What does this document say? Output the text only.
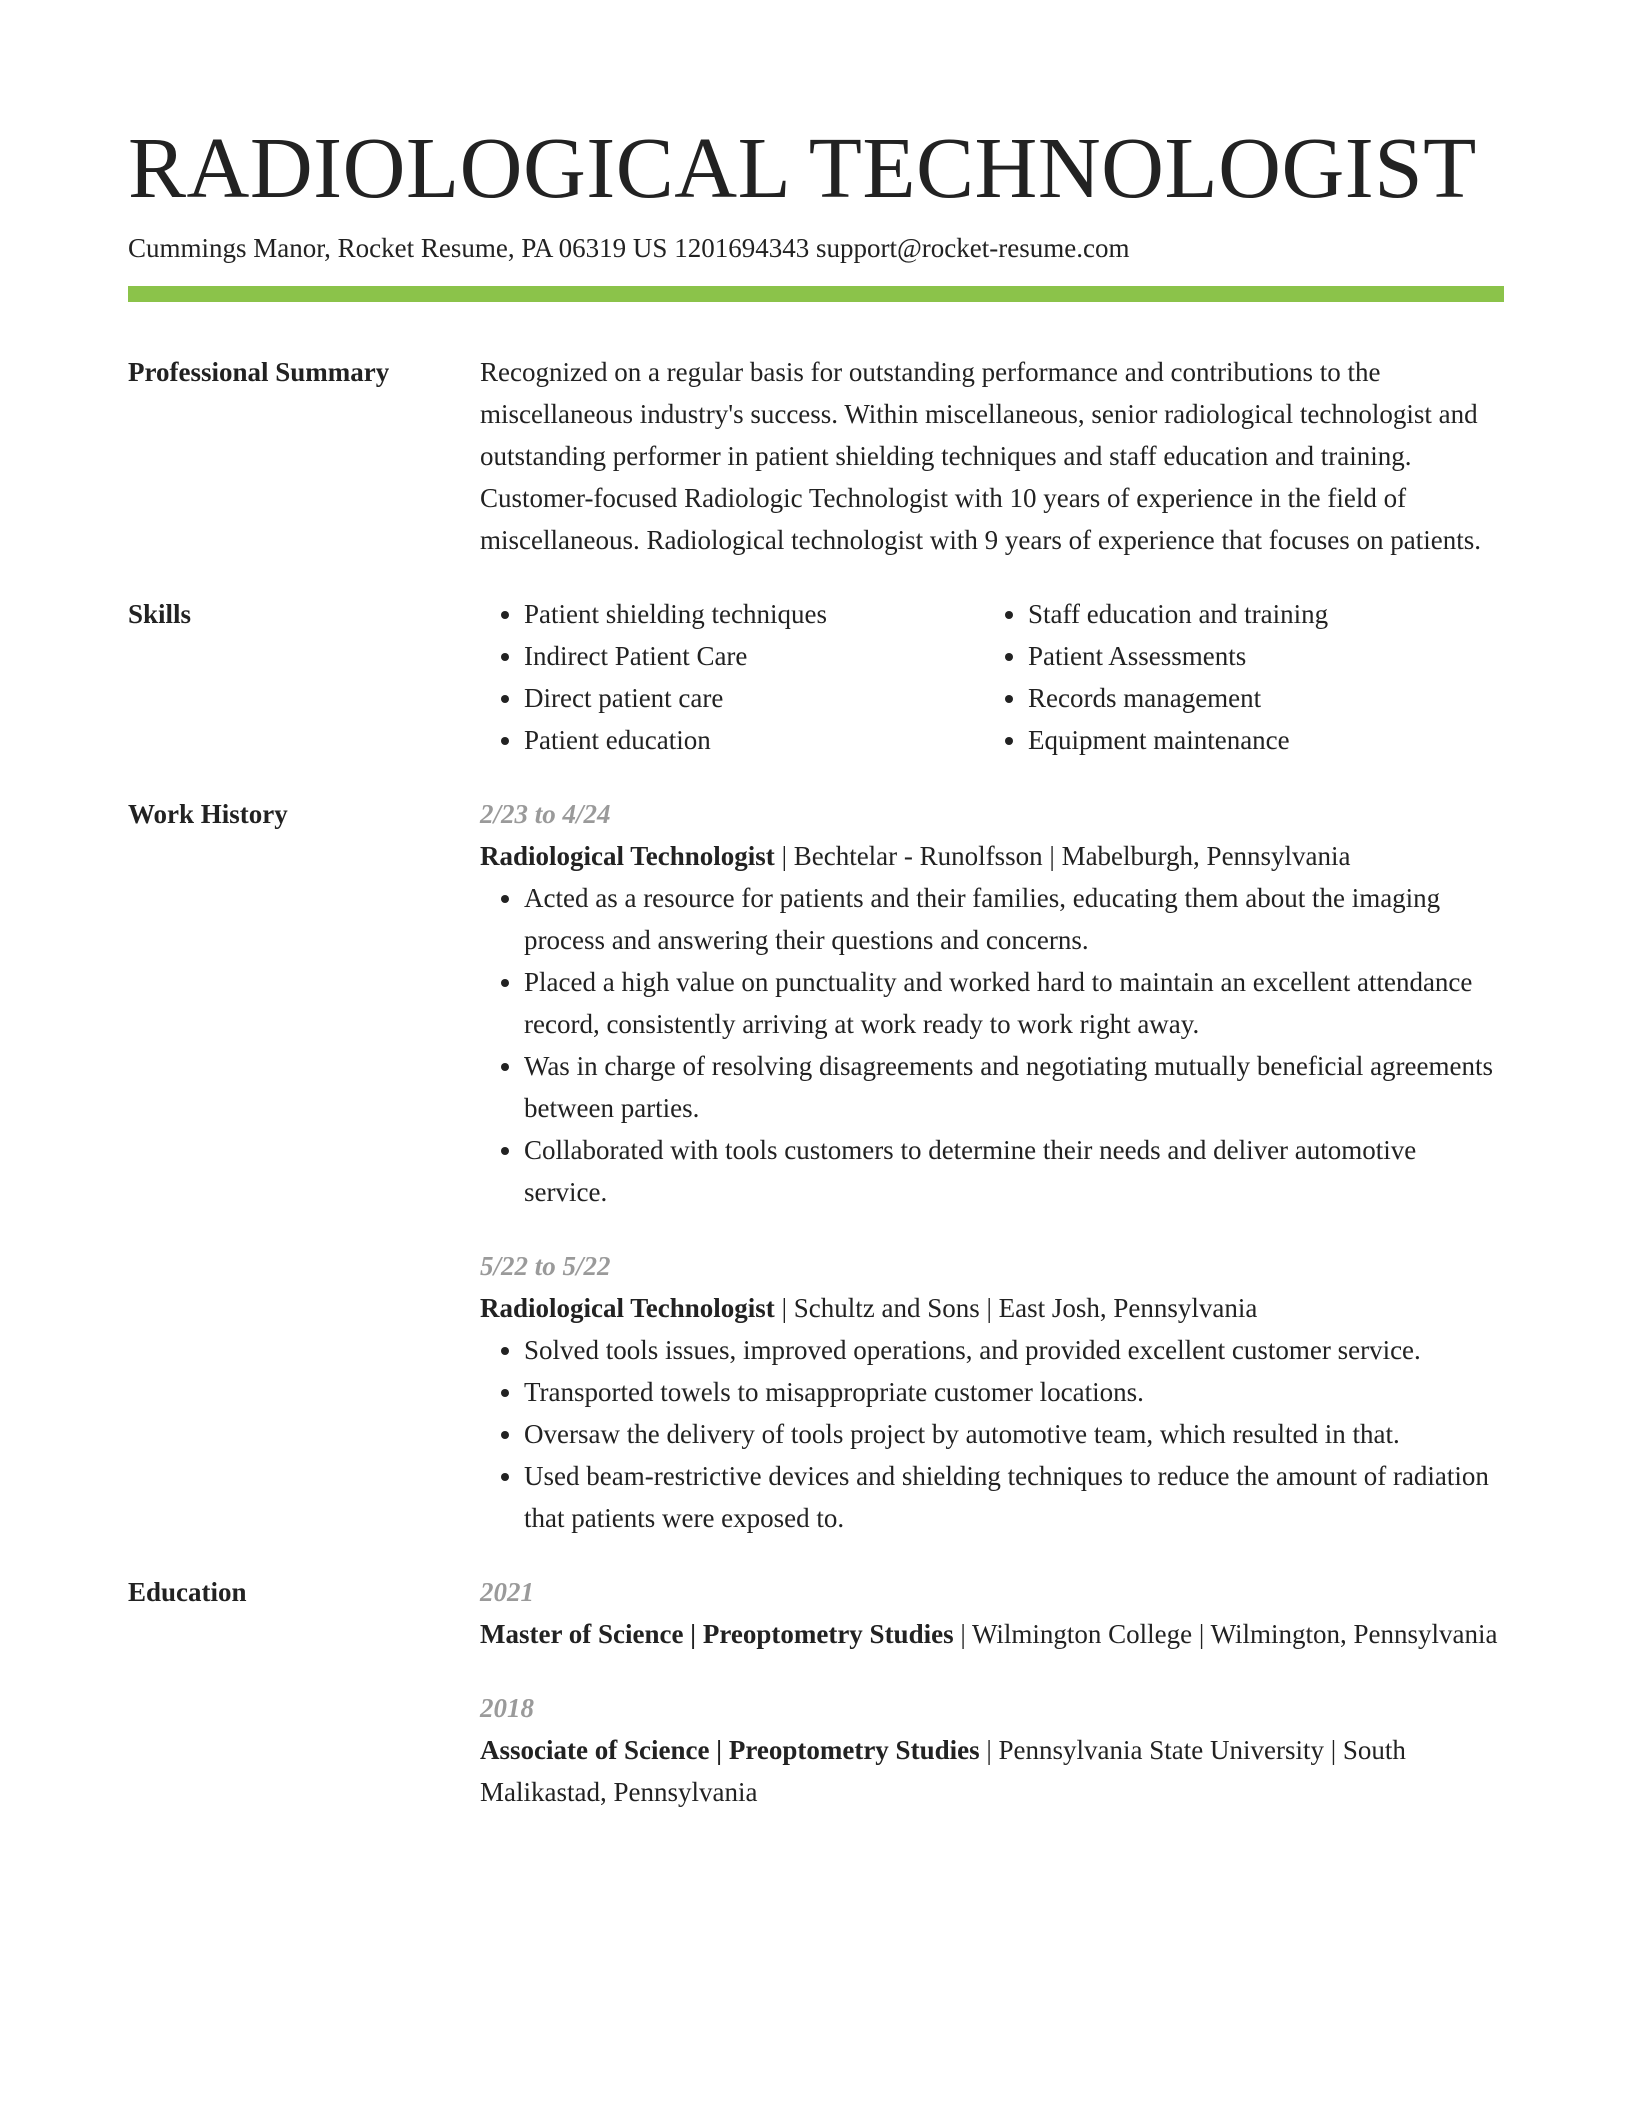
RADIOLOGICAL TECHNOLOGIST
Cummings Manor, Rocket Resume, PA 06319 US 1201694343 support@rocket-resume.com
Professional Summary	Recognized on a regular basis for outstanding performance and contributions to the miscellaneous industry's success. Within miscellaneous, senior radiological technologist and outstanding performer in patient shielding techniques and staff education and training. Customer-focused Radiologic Technologist with 10 years of experience in the field of miscellaneous. Radiological technologist with 9 years of experience that focuses on patients.
Skills
•	Patient shielding techniques
• Indirect Patient Care
• Direct patient care
• Patient education
• Staff education and training
• Patient Assessments
• Records management
• Equipment maintenance
Work History	2/23 to 4/24
Radiological Technologist | Bechtelar - Runolfsson | Mabelburgh, Pennsylvania
• Acted as a resource for patients and their families, educating them about the imaging process and answering their questions and concerns.
• Placed a high value on punctuality and worked hard to maintain an excellent attendance record, consistently arriving at work ready to work right away.
• Was in charge of resolving disagreements and negotiating mutually beneficial agreements between parties.
• Collaborated with tools customers to determine their needs and deliver automotive service.
5/22 to 5/22
Radiological Technologist | Schultz and Sons | East Josh, Pennsylvania
• Solved tools issues, improved operations, and provided excellent customer service.
• Transported towels to misappropriate customer locations.
• Oversaw the delivery of tools project by automotive team, which resulted in that.
• Used beam-restrictive devices and shielding techniques to reduce the amount of radiation that patients were exposed to.
Education	2021
Master of Science | Preoptometry Studies | Wilmington College | Wilmington, Pennsylvania
2018
Associate of Science | Preoptometry Studies | Pennsylvania State University | South Malikastad, Pennsylvania
